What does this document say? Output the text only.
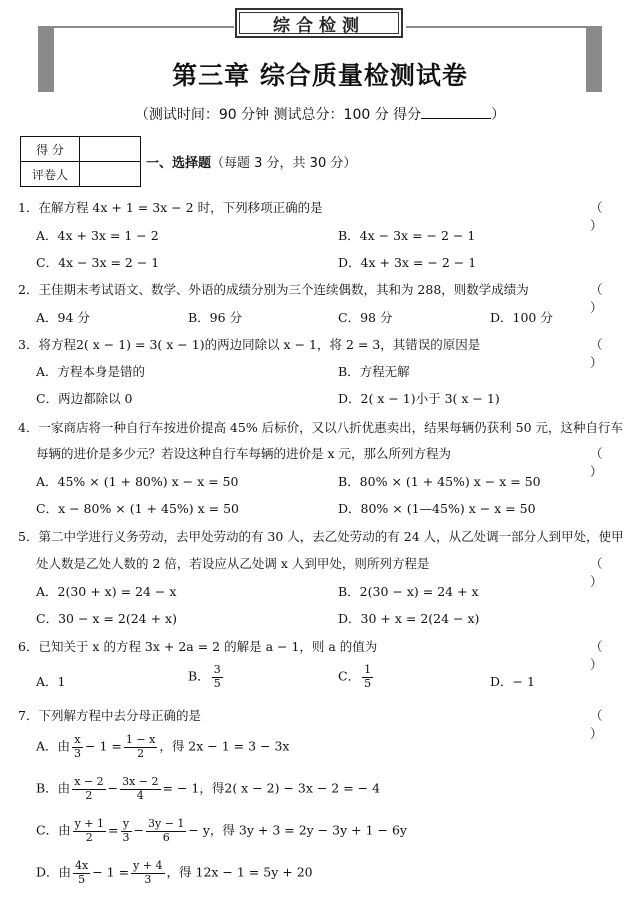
综合检测
第三章 综合质量检测试卷
（测试时间：90 分钟 测试总分：100 分 得分	）
得 分	
评卷人	
一、选择题（每题 3 分，共 30 分）
1．在解方程 4x + 1 = 3x − 2 时，下列移项正确的是	（ ）
A．4x + 3x = 1 − 2	B．4x − 3x = − 2 − 1
C．4x − 3x = 2 − 1	D．4x + 3x = − 2 − 1
2．王佳期末考试语文、数学、外语的成绩分别为三个连续偶数，其和为 288，则数学成绩为	（ ）
A．94 分	B．96 分	C．98 分	D．100 分
3．将方程2( x − 1) = 3( x − 1)的两边同除以 x − 1，将 2 = 3，其错误的原因是	（ ）
A．方程本身是错的	B．方程无解
C．两边都除以 0	D．2( x − 1)小于 3( x − 1)
4．一家商店将一种自行车按进价提高 45% 后标价，又以八折优惠卖出，结果每辆仍获利 50 元，这种自行车
每辆的进价是多少元？若设这种自行车每辆的进价是 x 元，那么所列方程为	（ ）
A．45% × (1 + 80%) x − x = 50	B．80% × (1 + 45%) x − x = 50
C．x − 80% × (1 + 45%) x = 50	D．80% × (1—45%) x − x = 50
5．第二中学进行义务劳动，去甲处劳动的有 30 人，去乙处劳动的有 24 人，从乙处调一部分人到甲处，使甲
处人数是乙处人数的 2 倍，若设应从乙处调 x 人到甲处，则所列方程是	（ ）
A．2(30 + x) = 24 − x	B．2(30 − x) = 24 + x
C．30 − x = 2(24 + x)	D．30 + x = 2(24 − x)
6．已知关于 x 的方程 3x + 2a = 2 的解是 a − 1，则 a 的值为	（ ）
A．1	B． $\frac{3}{5}$	C． $\frac{1}{5}$	D．− 1
7．下列解方程中去分母正确的是	（ ）
A．由 $\frac{x}{3} - 1 = \frac{1 - x}{2}$ ，得 2x − 1 = 3 − 3x
B．由 $\frac{x - 2}{2} - \frac{3x - 2}{4}$ = − 1，得2( x − 2) − 3x − 2 = − 4
C．由 $\frac{y + 1}{2} = \frac{y}{3} - \frac{3y - 1}{6} - y$，得 3y + 3 = 2y − 3y + 1 − 6y
D．由 $\frac{4x}{5} - 1 = \frac{y + 4}{3}$ ，得 12x − 1 = 5y + 20
